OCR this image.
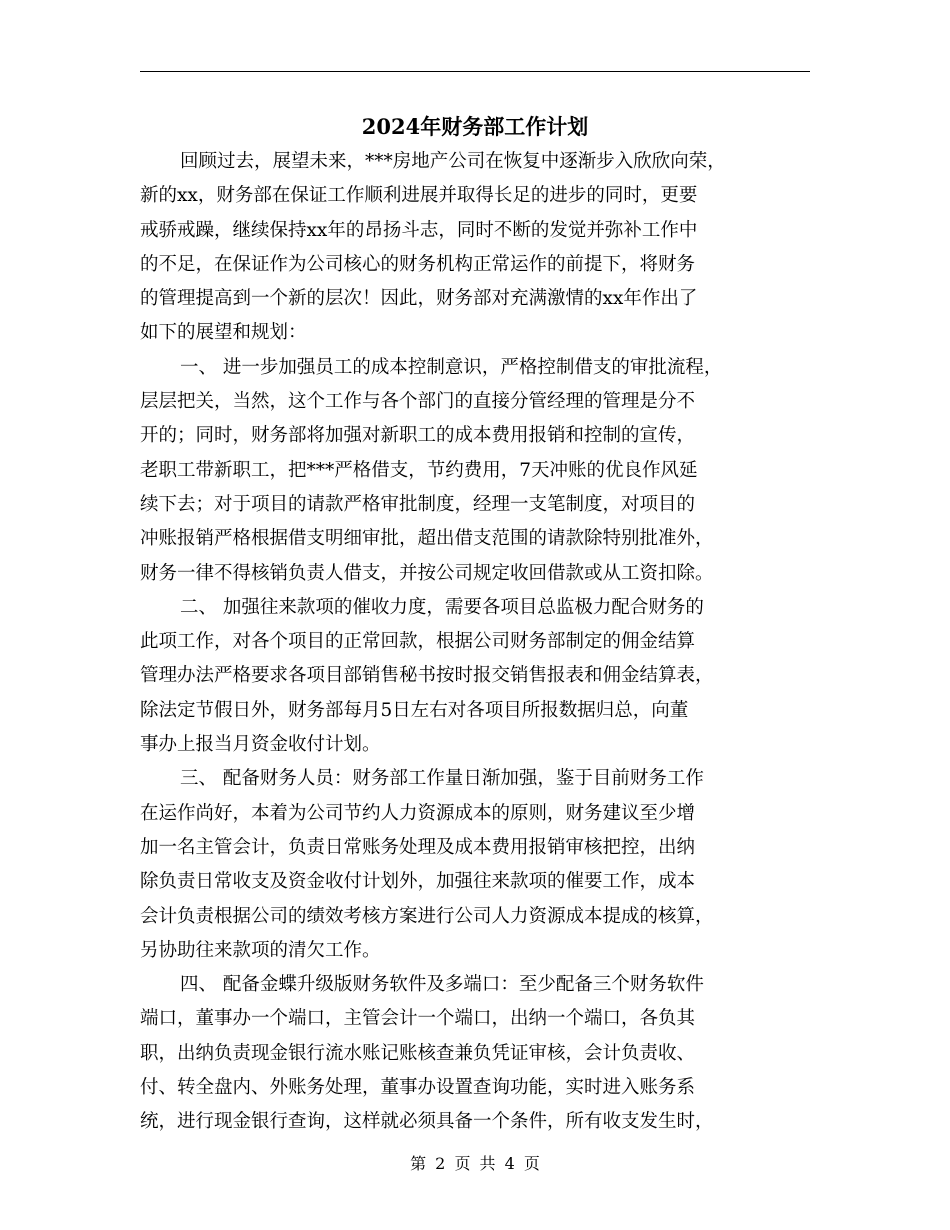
2024年财务部工作计划

回顾过去，展望未来，***房地产公司在恢复中逐渐步入欣欣向荣，
新的xx，财务部在保证工作顺利进展并取得长足的进步的同时，更要
戒骄戒躁，继续保持xx年的昂扬斗志，同时不断的发觉并弥补工作中
的不足，在保证作为公司核心的财务机构正常运作的前提下，将财务
的管理提高到一个新的层次！因此，财务部对充满激情的xx年作出了
如下的展望和规划：

一、 进一步加强员工的成本控制意识，严格控制借支的审批流程，
层层把关，当然，这个工作与各个部门的直接分管经理的管理是分不
开的；同时，财务部将加强对新职工的成本费用报销和控制的宣传，
老职工带新职工，把***严格借支，节约费用，7天冲账的优良作风延
续下去；对于项目的请款严格审批制度，经理一支笔制度，对项目的
冲账报销严格根据借支明细审批，超出借支范围的请款除特别批准外，
财务一律不得核销负责人借支，并按公司规定收回借款或从工资扣除。

二、 加强往来款项的催收力度，需要各项目总监极力配合财务的
此项工作，对各个项目的正常回款，根据公司财务部制定的佣金结算
管理办法严格要求各项目部销售秘书按时报交销售报表和佣金结算表，
除法定节假日外，财务部每月5日左右对各项目所报数据归总，向董
事办上报当月资金收付计划。

三、 配备财务人员：财务部工作量日渐加强，鉴于目前财务工作
在运作尚好，本着为公司节约人力资源成本的原则，财务建议至少增
加一名主管会计，负责日常账务处理及成本费用报销审核把控，出纳
除负责日常收支及资金收付计划外，加强往来款项的催要工作，成本
会计负责根据公司的绩效考核方案进行公司人力资源成本提成的核算，
另协助往来款项的清欠工作。

四、 配备金蝶升级版财务软件及多端口：至少配备三个财务软件
端口，董事办一个端口，主管会计一个端口，出纳一个端口，各负其
职，出纳负责现金银行流水账记账核查兼负凭证审核，会计负责收、
付、转全盘内、外账务处理，董事办设置查询功能，实时进入账务系
统，进行现金银行查询，这样就必须具备一个条件，所有收支发生时，

第 2 页 共 4 页
